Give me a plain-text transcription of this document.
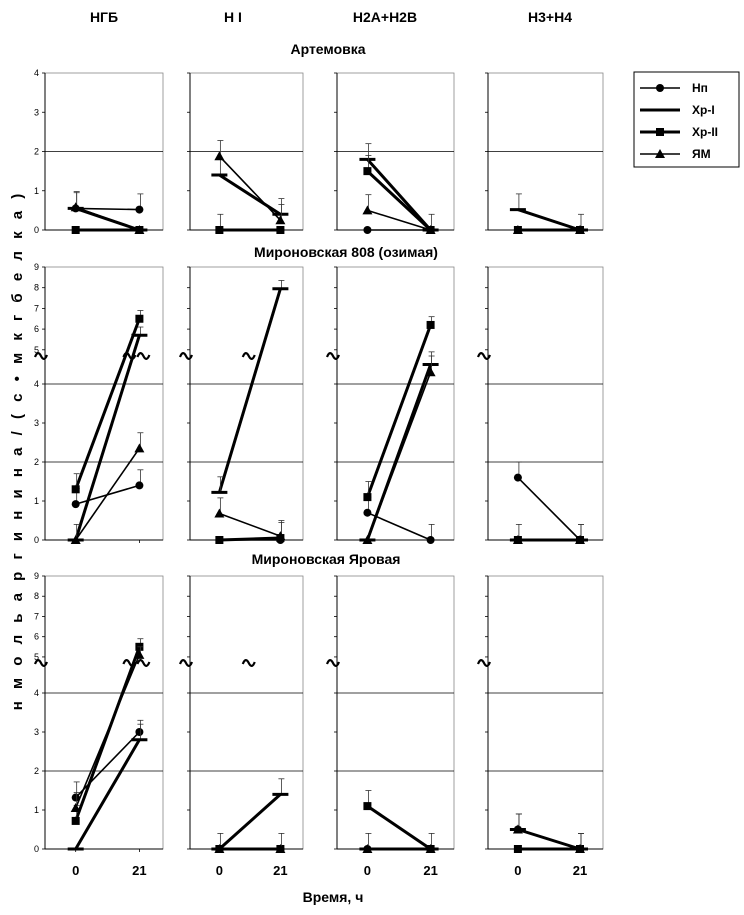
НГБ	H I	H2A+H2B	H3+H4
Артемовка
Мироновская 808 (озимая)
Мироновская Яровая
н м о л ь а р г и н и н а / ( с • м к г б е л к а )
Время, ч
0
1
2
3
4
0
1
2
3
4
5
6
7
8
9
0
1
2
3
4
5
6
7
8
9
0	21	0	21	0	21	0	21
Нп
Хр-I
Хр-II
ЯМ
